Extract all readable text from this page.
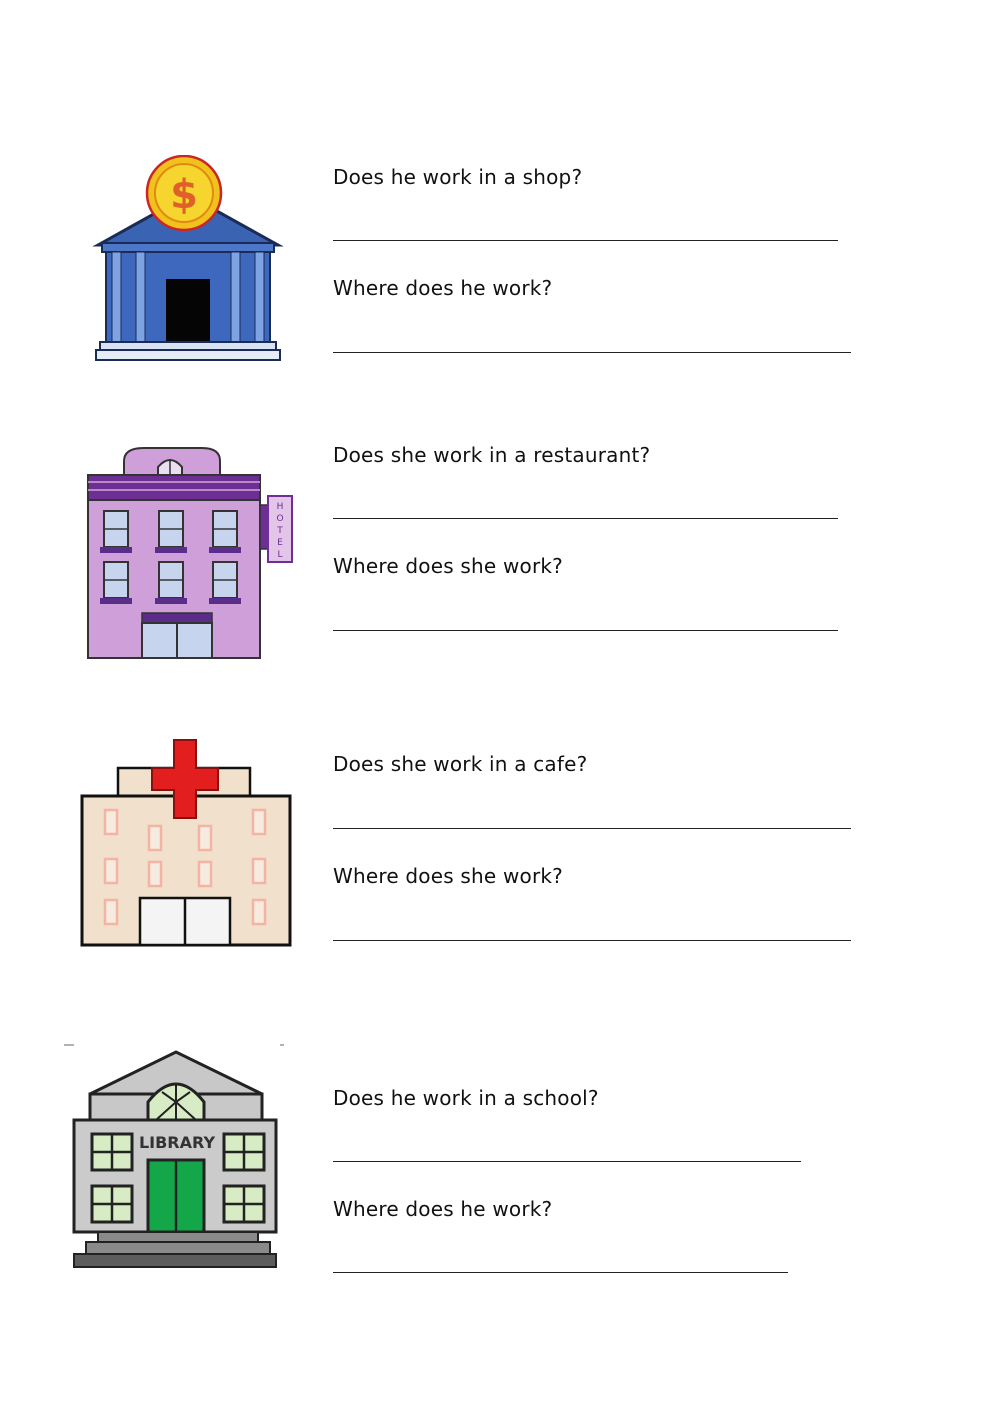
$	Does he work in a shop?
Where does he work?
H O T E L
Does she work in a restaurant?
Where does she work?
Does she work in a cafe?
Where does she work?
LIBRARY
Does he work in a school?
Where does he work?
